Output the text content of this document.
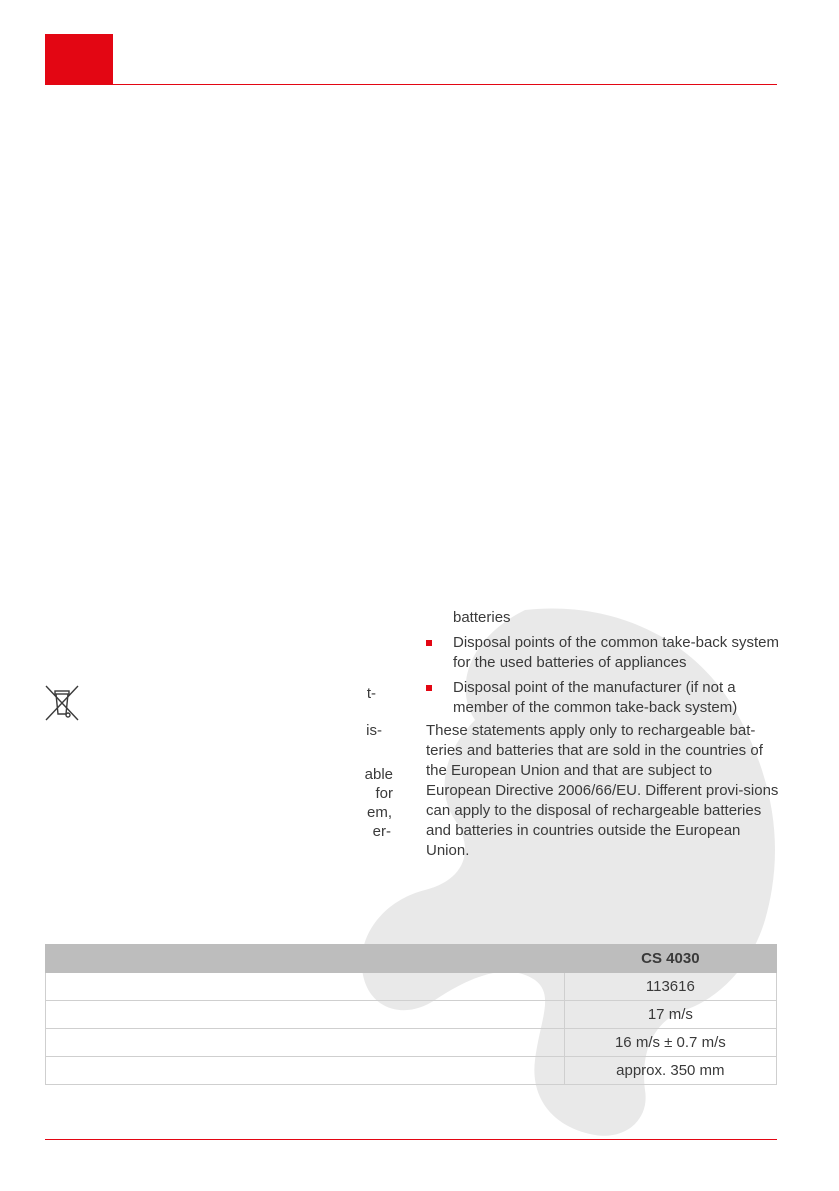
t-
is-
able
for
em,
er-
batteries
Disposal points of the common take-back system for the used batteries of appliances
Disposal point of the manufacturer (if not a member of the common take-back system)
These statements apply only to rechargeable bat-teries and batteries that are sold in the countries of the European Union and that are subject to European Directive 2006/66/EU. Different provi-sions can apply to the disposal of rechargeable batteries and batteries in countries outside the European Union.
	CS 4030
	113616
	17 m/s
	16 m/s ± 0.7 m/s
	approx. 350 mm
